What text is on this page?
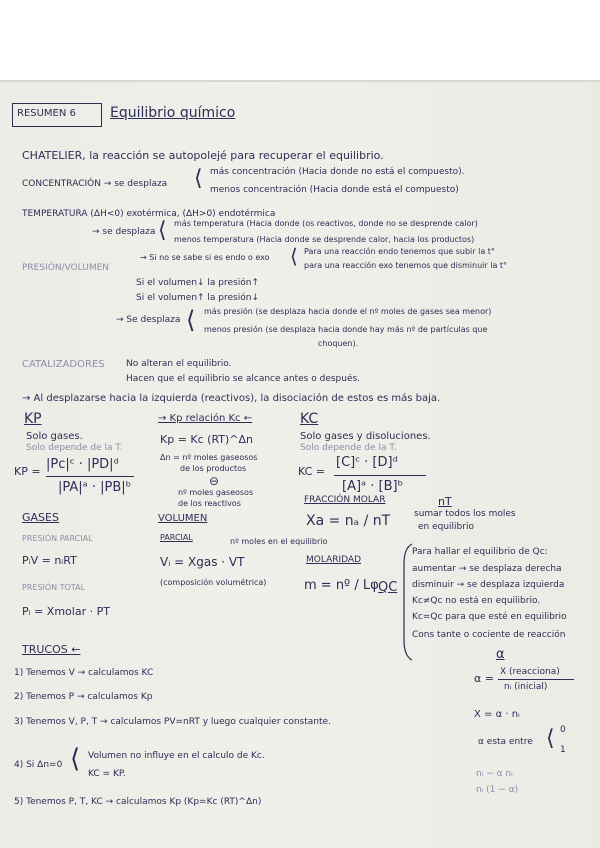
RESUMEN 6 Equilibrio químico
CHATELIER, la reacción se autopolejé para recuperar el equilibrio.
CONCENTRACIÓN → se desplaza ⟨ más concentración (Hacia donde no está el compuesto).
menos concentración (Hacia donde está el compuesto)
TEMPERATURA (ΔH<0) exotérmica, (ΔH>0) endotérmica
→ se desplaza ⟨ más temperatura (Hacia donde (os reactivos, donde no se desprende calor)
menos temperatura (Hacia donde se desprende calor, hacia los productos)
→ Si no se sabe si es endo o exo ⟨ Para una reacción endo tenemos que subir la t°
para una reacción exo tenemos que disminuir la t°
PRESIÓN/VOLUMEN
Si el volumen↓ la presión↑
Si el volumen↑ la presión↓
→ Se desplaza ⟨ más presión (se desplaza hacia donde el nº moles de gases sea menor)
menos presión (se desplaza hacia donde hay más nº de partículas que
choquen).
CATALIZADORES No alteran el equilibrio.
Hacen que el equilibrio se alcance antes o después.
→ Al desplazarse hacia la izquierda (reactivos), la disociación de estos es más baja.
KP
Solo gases.
Solo depende de la T.
KP = |Pc|ᶜ · |PD|ᵈ
|PA|ᵃ · |PB|ᵇ
→ Kp relación Kc ←
Kp = Kc (RT)^Δn
Δn = nº moles gaseosos
de los productos
⊖
nº moles gaseosos
de los reactivos
KC
Solo gases y disoluciones.
Solo depende de la T.
KC =
[C]ᶜ · [D]ᵈ
[A]ᵃ · [B]ᵇ
FRACCIÓN MOLAR
Xa = nₐ / nT
nT
sumar todos los moles
en equilibrio
GASES
PRESIÓN PARCIAL
PᵢV = nᵢRT
PRESIÓN TOTAL
Pᵢ = Xmolar · PT
VOLUMEN
PARCIAL	nº moles en el equilibrio
Vᵢ = Xgas · VT
(composición volumétrica)
MOLARIDAD
m = nº / Lφ QC
Para hallar el equilibrio de Qc:
aumentar → se desplaza derecha
disminuir → se desplaza izquierda
Kc≠Qc no está en equilibrio.
Kc=Qc para que esté en equilibrio
Cons tante o cociente de reacción
α
TRUCOS ←
1) Tenemos V → calculamos KC
2) Tenemos P → calculamos Kp
3) Tenemos V, P, T → calculamos PV=nRT y luego cualquier constante.
4) Si Δn=0 ⟨ Volumen no influye en el calculo de Kc.
KC = KP.
5) Tenemos P, T, KC → calculamos Kp (Kp=Kc (RT)^Δn)
α = X (reacciona)
nᵢ (inicial)
X = α · nᵢ
α esta entre ⟨ 0
1
nᵢ − α nᵢ
nᵢ (1 − α)
